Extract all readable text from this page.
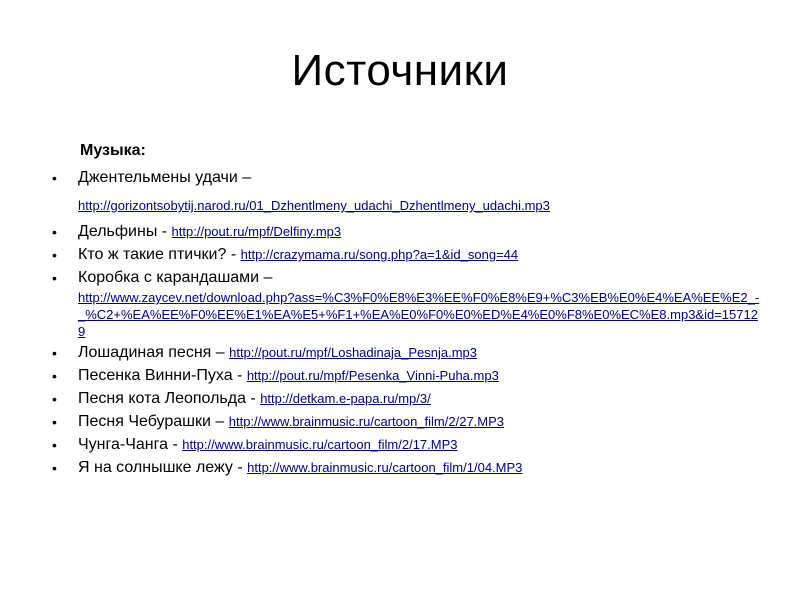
Источники

Музыка:

• Джентельмены удачи –
http://gorizontsobytij.narod.ru/01_Dzhentlmeny_udachi_Dzhentlmeny_udachi.mp3
• Дельфины - http://pout.ru/mpf/Delfiny.mp3
• Кто ж такие птички? - http://crazymama.ru/song.php?a=1&id_song=44
• Коробка с карандашами –
http://www.zaycev.net/download.php?ass=%C3%F0%E8%E3%EE%F0%E8%E9+%C3%EB%E0%E4%EA%EE%E2_-_%C2+%EA%EE%F0%EE%E1%EA%E5+%F1+%EA%E0%F0%E0%ED%E4%E0%F8%E0%EC%E8.mp3&id=157129
• Лошадиная песня – http://pout.ru/mpf/Loshadinaja_Pesnja.mp3
• Песенка Винни-Пуха - http://pout.ru/mpf/Pesenka_Vinni-Puha.mp3
• Песня кота Леопольда - http://detkam.e-papa.ru/mp/3/
• Песня Чебурашки – http://www.brainmusic.ru/cartoon_film/2/27.MP3
• Чунга-Чанга - http://www.brainmusic.ru/cartoon_film/2/17.MP3
• Я на солнышке лежу - http://www.brainmusic.ru/cartoon_film/1/04.MP3
